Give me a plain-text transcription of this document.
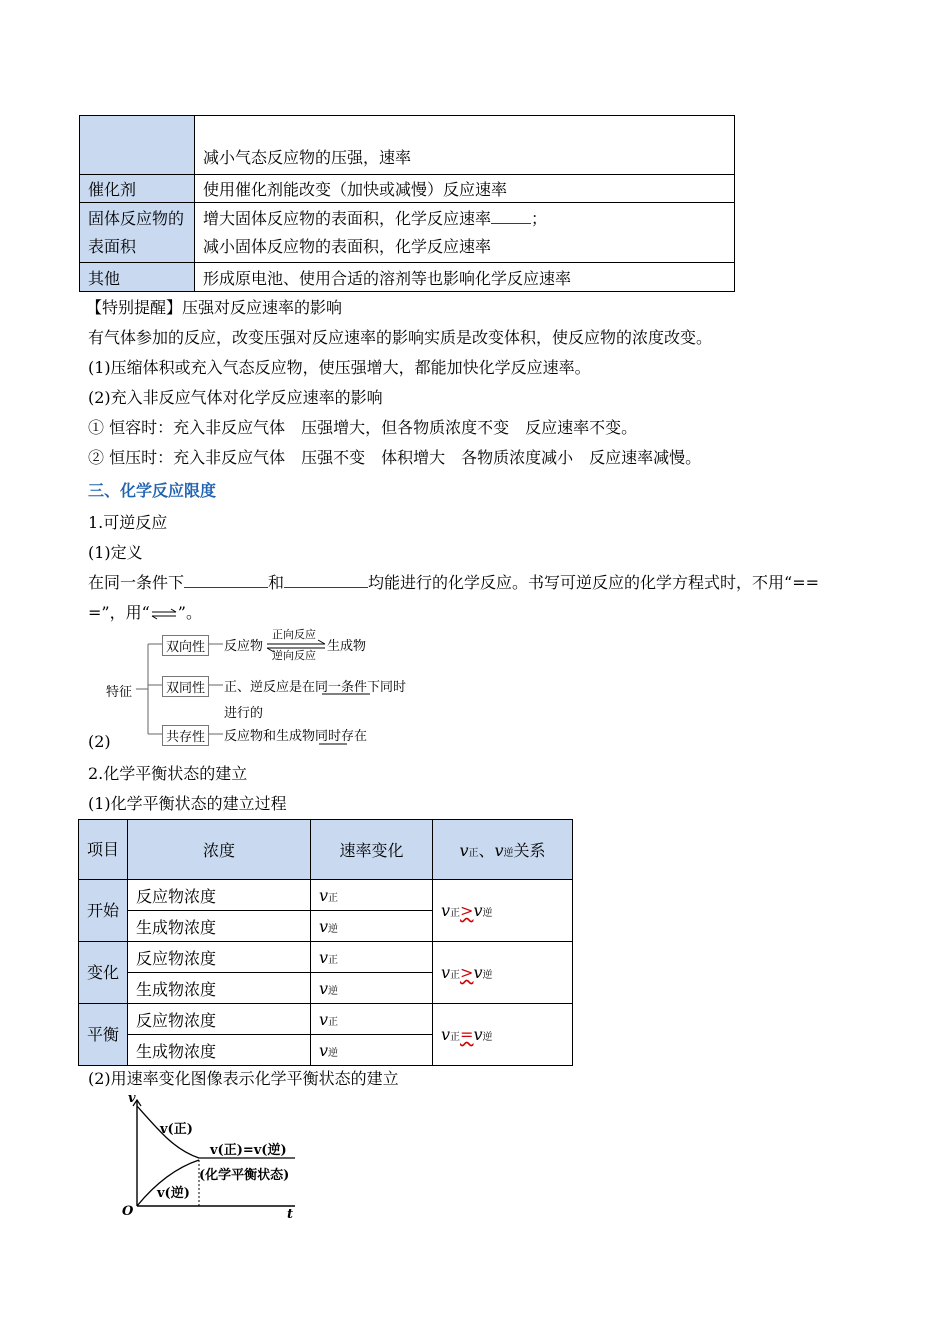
	减小气态反应物的压强，速率
催化剂	使用催化剂能改变（加快或减慢）反应速率
固体反应物的表面积	增大固体反应物的表面积，化学反应速率 ；
减小固体反应物的表面积，化学反应速率
其他	形成原电池、使用合适的溶剂等也影响化学反应速率
【特别提醒】压强对反应速率的影响
有气体参加的反应，改变压强对反应速率的影响实质是改变体积，使反应物的浓度改变。
(1)压缩体积或充入气态反应物，使压强增大，都能加快化学反应速率。
(2)充入非反应气体对化学反应速率的影响
① 恒容时：充入非反应气体　压强增大，但各物质浓度不变　反应速率不变。
② 恒压时：充入非反应气体　压强不变　体积增大　各物质浓度减小　反应速率减慢。
三、化学反应限度
1.可逆反应
(1)定义
在同一条件下	和	均能进行的化学反应。书写可逆反应的化学方程式时，不用“==
=”，用“⇌”。
特征
双向性	反应物
正向反应
逆向反应
生成物
双同性	正、逆反应是在同一条件下同时
进行的
共存性	反应物和生成物同时存在
(2)
2.化学平衡状态的建立
(1)化学平衡状态的建立过程
项目	浓度	速率变化	v正、v逆关系
开始	反应物浓度	v正	v正>v逆
	生成物浓度	v逆	
变化	反应物浓度	v正	v正>v逆
	生成物浓度	v逆	
平衡	反应物浓度	v正	v正=v逆
	生成物浓度	v逆	
(2)用速率变化图像表示化学平衡状态的建立
v
t
O
v(正)
v(逆)
v(正)=v(逆)
(化学平衡状态)
